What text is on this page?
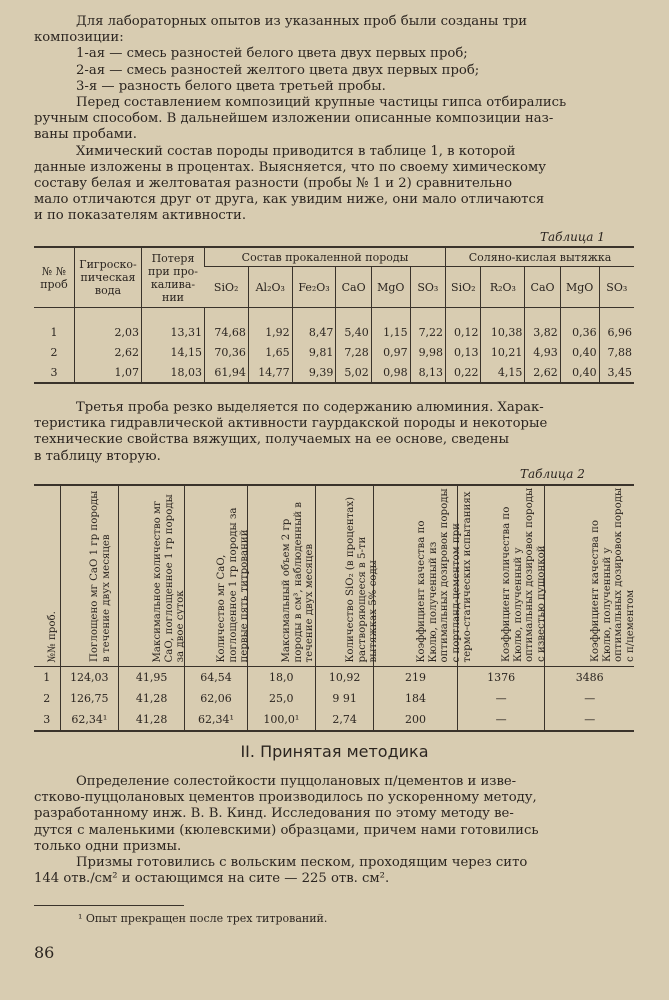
Для лабораторных опытов из указанных проб были созданы три
композиции:
1-ая — смесь разностей белого цвета двух первых проб;
2-ая — смесь разностей желтого цвета двух первых проб;
3-я — разность белого цвета третьей пробы.
Перед составлением композиций крупные частицы гипса отбирались
ручным способом. В дальнейшем изложении описанные композиции наз-
ваны пробами.
Химический состав породы приводится в таблице 1, в которой
данные изложены в процентах. Выясняется, что по своему химическому
составу белая и желтоватая разности (пробы № 1 и 2) сравнительно
мало отличаются друг от друга, как увидим ниже, они мало отличаются
и по показателям активности.
Таблица 1
№ № проб	Гигроско-пическая вода	Потеря при про-калива-нии	Состав прокаленной породы						Солянo-кислая вытяжка				
			SiO₂	Al₂O₃	Fe₂O₃	CaO	MgO	SO₃	SiO₂	R₂O₃	CaO	MgO	SO₃

1	2,03	13,31	74,68	1,92	8,47	5,40	1,15	7,22	0,12	10,38	3,82	0,36	6,96
2	2,62	14,15	70,36	1,65	9,81	7,28	0,97	9,98	0,13	10,21	4,93	0,40	7,88
3	1,07	18,03	61,94	14,77	9,39	5,02	0,98	8,13	0,22	4,15	2,62	0,40	3,45
Третья проба резко выделяется по содержанию алюминия. Харак-
теристика гидравлической активности гаурдакской породы и некоторые
технические свойства вяжущих, получаемых на ее основе, сведены
в таблицу вторую.
Таблица 2
№№ проб.	Поглощено мг CaO 1 гр породы в течение двух месяцев	Максимальное количество мг CaO, поглощенное 1 гр породы за двое суток	Количество мг CaO, поглощенное 1 гр породы за первые пять титрований	Максимальный объем 2 гр породы в см³, наблюденный в течение двух месяцев	Количество SiO₂ (в процентах) растворяющееся в 5-ти вытяжках 5% соды	Коэффициент качества по Кюлю, полученный из оптимальных дозировок породы с портланд-цементом при термо-статических испытаниях	Коэффициент количества по Кюлю, полученный у оптимальных дозировок породы с известью пушонкой	Коэффициент качества по Кюлю, полученный у оптимальных дозировок породы с п/цементом

1	124,03	41,95	64,54	18,0	10,92	219	1376	3486
2	126,75	41,28	62,06	25,0	9 91	184	—	—
3	62,34¹	41,28	62,34¹	100,0¹	2,74	200	—	—
II. Принятая методика
Определение солестойкости пуццолановых п/цементов и изве-
стково-пуццолановых цементов производилось по ускоренному методу,
разработанному инж. В. В. Кинд. Исследования по этому методу ве-
дутся с маленькими (кюлевскими) образцами, причем нами готовились
только одни призмы.
Призмы готовились с вольским песком, проходящим через сито
144 отв./см² и остающимся на сите — 225 отв. см².
¹ Опыт прекращен после трех титрований.
86
